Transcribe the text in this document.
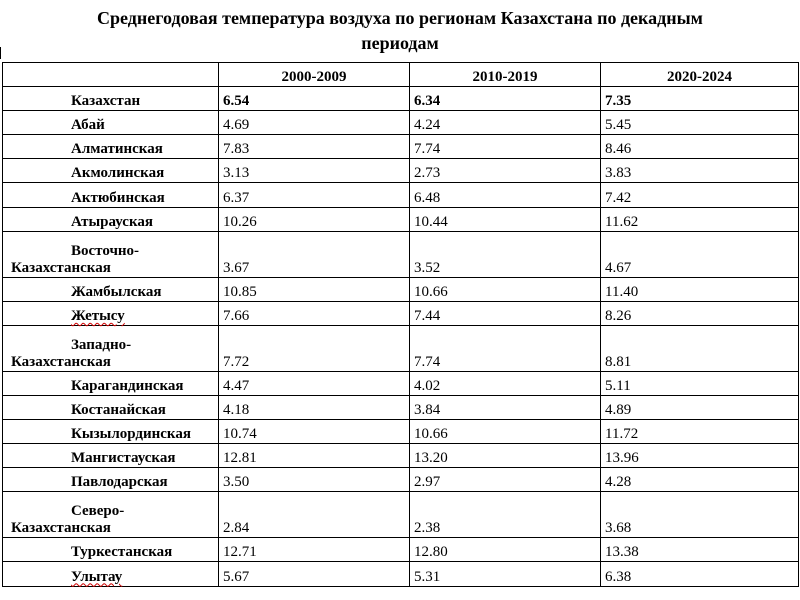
Среднегодовая температура воздуха по регионам Казахстана по декадным
периодам
	2000-2009	2010-2019	2020-2024
Казахстан	6.54	6.34	7.35
Абай	4.69	4.24	5.45
Алматинская	7.83	7.74	8.46
Акмолинская	3.13	2.73	3.83
Актюбинская	6.37	6.48	7.42
Атырауская	10.26	10.44	11.62

Восточно-
Казахстанская	3.67	3.52	4.67
Жамбылская	10.85	10.66	11.40
Жетысу	7.66	7.44	8.26

Западно-
Казахстанская	7.72	7.74	8.81
Карагандинская	4.47	4.02	5.11
Костанайская	4.18	3.84	4.89
Кызылординская	10.74	10.66	11.72
Мангистауская	12.81	13.20	13.96
Павлодарская	3.50	2.97	4.28

Северо-
Казахстанская	2.84	2.38	3.68
Туркестанская	12.71	12.80	13.38
Улытау	5.67	5.31	6.38
